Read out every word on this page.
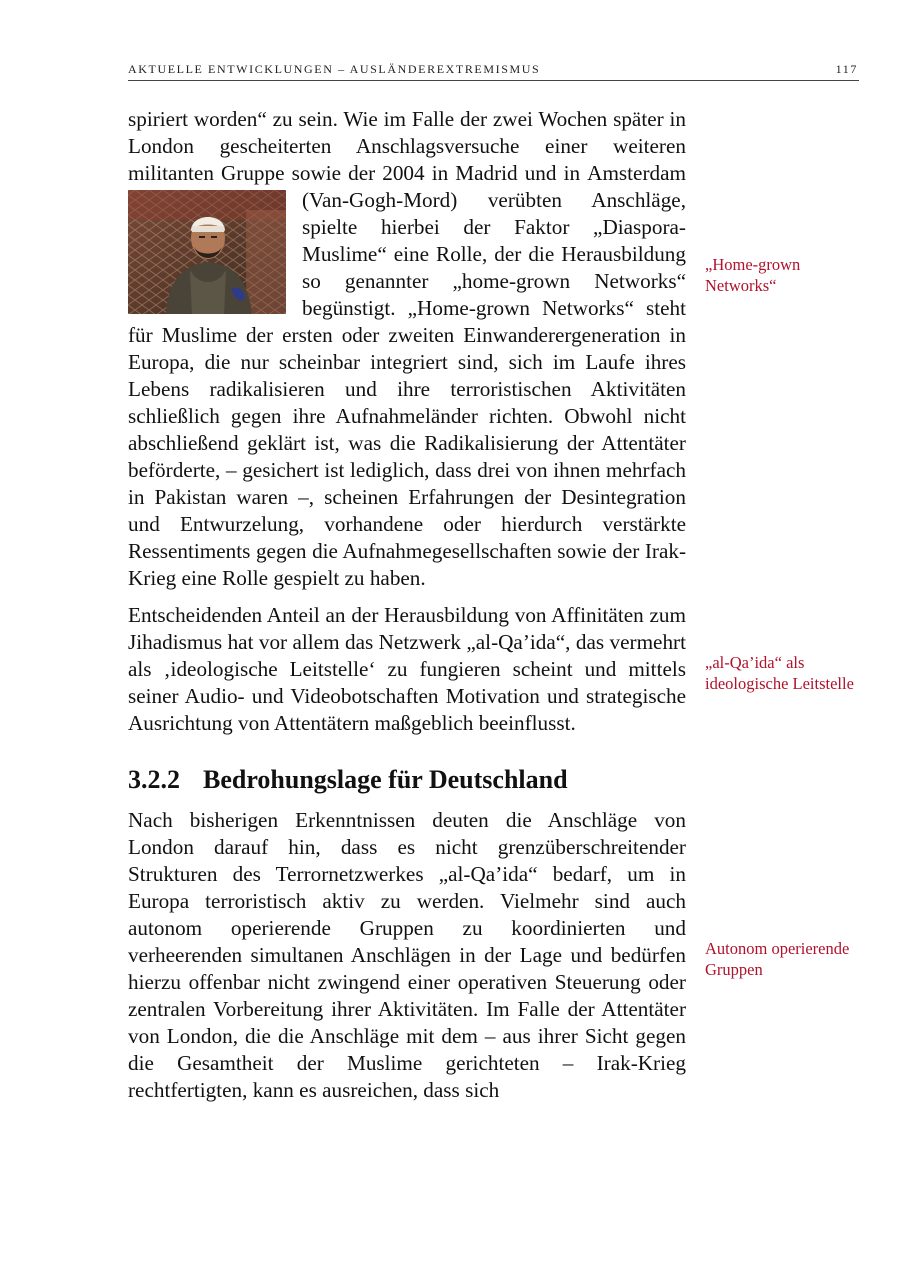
AKTUELLE ENTWICKLUNGEN – AUSLÄNDEREXTREMISMUS	117

spiriert worden“ zu sein. Wie im Falle der zwei Wochen später in London gescheiterten Anschlagsversuche einer weiteren militanten Gruppe sowie der 2004 in Madrid und in Amsterdam (Van-Gogh-Mord) verübten Anschläge, spielte hierbei der Faktor „Diaspora-Muslime“ eine Rolle, der die Herausbildung so genannter „home-grown Networks“ begünstigt. „Home-grown Networks“ steht für Muslime der ersten oder zweiten Einwanderergeneration in Europa, die nur scheinbar integriert sind, sich im Laufe ihres Lebens radikalisieren und ihre terroristischen Aktivitäten schließlich gegen ihre Aufnahmeländer richten. Obwohl nicht abschließend geklärt ist, was die Radikalisierung der Attentäter beförderte, – gesichert ist lediglich, dass drei von ihnen mehrfach in Pakistan waren –, scheinen Erfahrungen der Desintegration und Entwurzelung, vorhandene oder hierdurch verstärkte Ressentiments gegen die Aufnahmegesellschaften sowie der Irak-Krieg eine Rolle gespielt zu haben.

Entscheidenden Anteil an der Herausbildung von Affinitäten zum Jihadismus hat vor allem das Netzwerk „al-Qa’ida“, das vermehrt als ‚ideologische Leitstelle‘ zu fungieren scheint und mittels seiner Audio- und Videobotschaften Motivation und strategische Ausrichtung von Attentätern maßgeblich beeinflusst.

3.2.2 Bedrohungslage für Deutschland

Nach bisherigen Erkenntnissen deuten die Anschläge von London darauf hin, dass es nicht grenzüberschreitender Strukturen des Terrornetzwerkes „al-Qa’ida“ bedarf, um in Europa terroristisch aktiv zu werden. Vielmehr sind auch autonom operierende Gruppen zu koordinierten und verheerenden simultanen Anschlägen in der Lage und bedürfen hierzu offenbar nicht zwingend einer operativen Steuerung oder zentralen Vorbereitung ihrer Aktivitäten. Im Falle der Attentäter von London, die die Anschläge mit dem – aus ihrer Sicht gegen die Gesamtheit der Muslime gerichteten – Irak-Krieg rechtfertigten, kann es ausreichen, dass sich

„Home-grown Networks“
„al-Qa’ida“ als ideologische Leitstelle
Autonom operierende Gruppen
